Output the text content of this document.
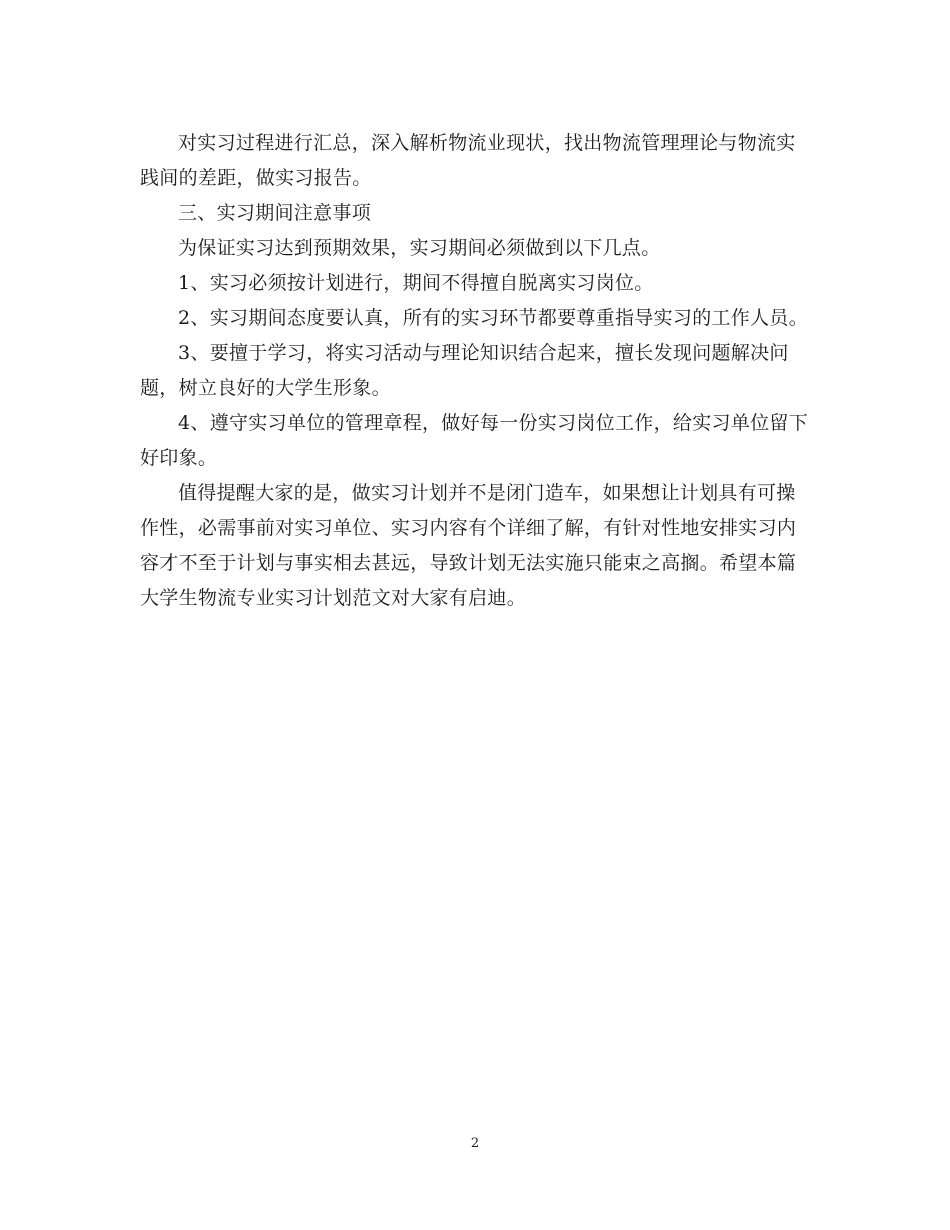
对实习过程进行汇总，深入解析物流业现状，找出物流管理理论与物流实践间的差距，做实习报告。

三、实习期间注意事项

为保证实习达到预期效果，实习期间必须做到以下几点。

1、实习必须按计划进行，期间不得擅自脱离实习岗位。

2、实习期间态度要认真，所有的实习环节都要尊重指导实习的工作人员。

3、要擅于学习，将实习活动与理论知识结合起来，擅长发现问题解决问题，树立良好的大学生形象。

4、遵守实习单位的管理章程，做好每一份实习岗位工作，给实习单位留下好印象。

值得提醒大家的是，做实习计划并不是闭门造车，如果想让计划具有可操作性，必需事前对实习单位、实习内容有个详细了解，有针对性地安排实习内容才不至于计划与事实相去甚远，导致计划无法实施只能束之高搁。希望本篇大学生物流专业实习计划范文对大家有启迪。

2
